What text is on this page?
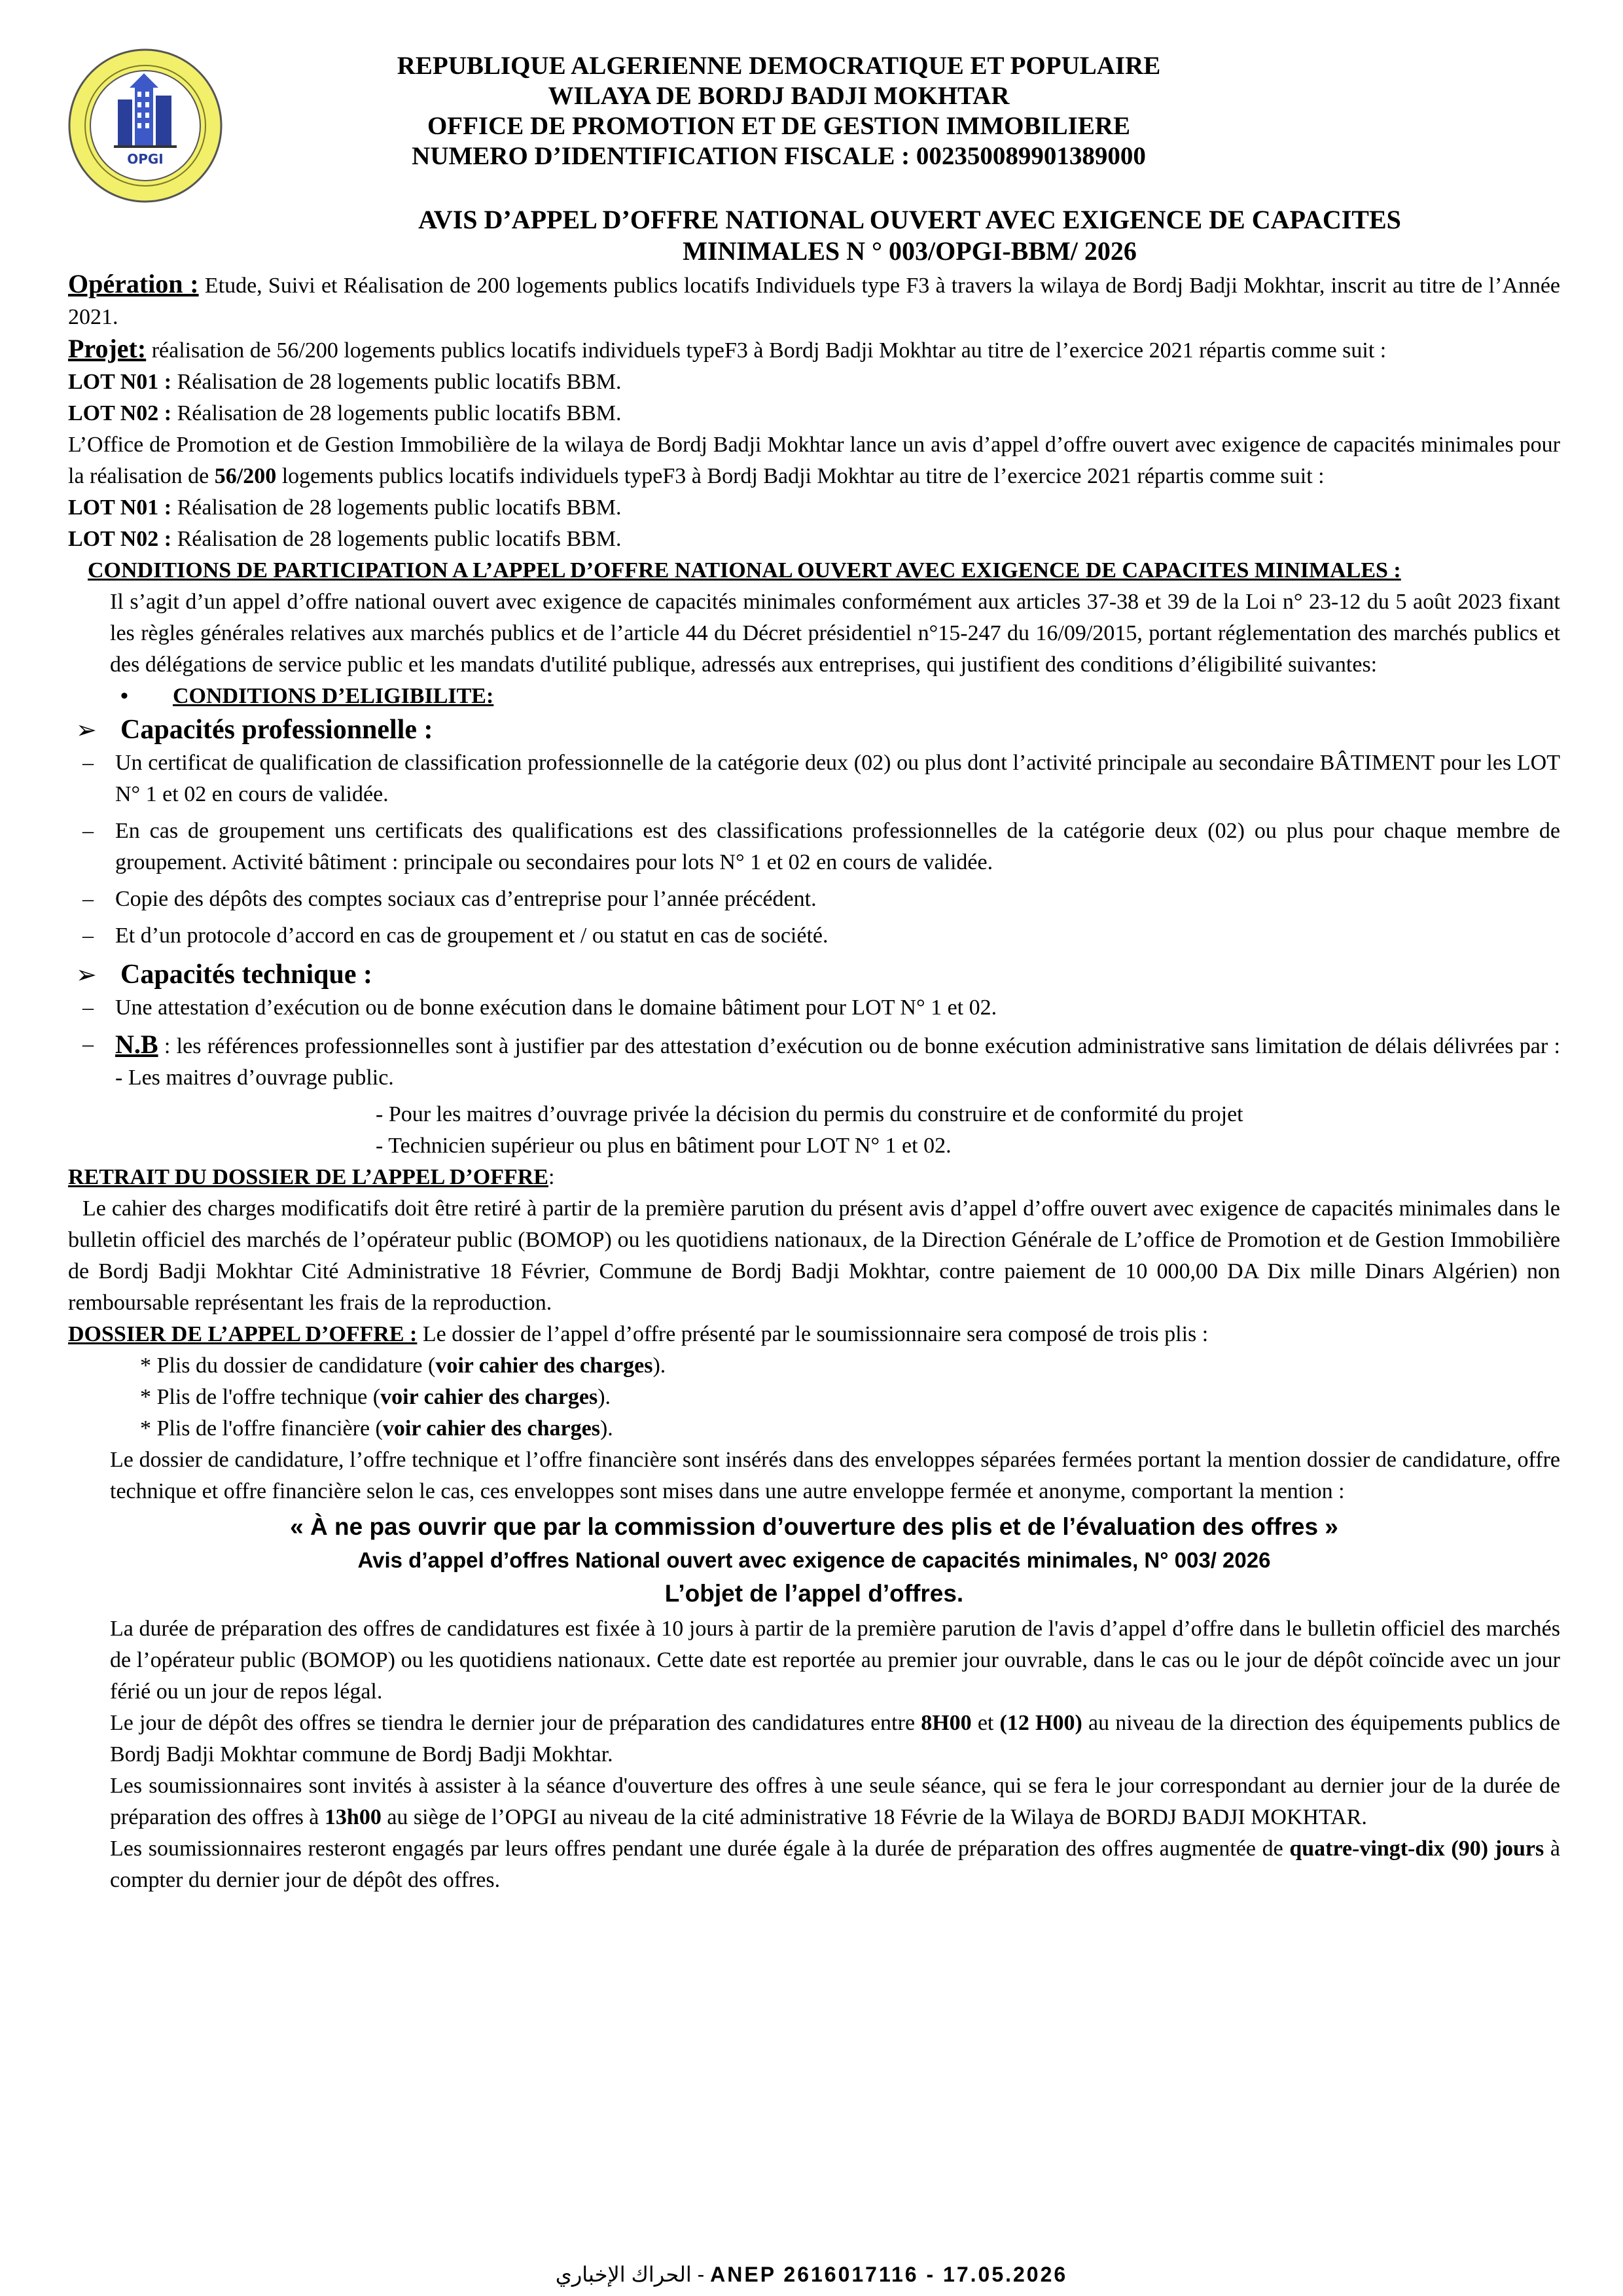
OPGI
REPUBLIQUE ALGERIENNE DEMOCRATIQUE ET POPULAIRE
WILAYA DE BORDJ BADJI MOKHTAR
OFFICE DE PROMOTION ET DE GESTION IMMOBILIERE
NUMERO D’IDENTIFICATION FISCALE : 002350089901389000
AVIS D’APPEL D’OFFRE NATIONAL OUVERT AVEC EXIGENCE DE CAPACITES
MINIMALES N ° 003/OPGI-BBM/ 2026

Opération : Etude, Suivi et Réalisation de 200 logements publics locatifs Individuels type F3 à travers la wilaya de Bordj Badji Mokhtar, inscrit au titre de l’Année 2021.

Projet: réalisation de 56/200 logements publics locatifs individuels typeF3 à Bordj Badji Mokhtar au titre de l’exercice 2021 répartis comme suit :

LOT N01 : Réalisation de 28 logements public locatifs BBM.

LOT N02 : Réalisation de 28 logements public locatifs BBM.

L’Office de Promotion et de Gestion Immobilière de la wilaya de Bordj Badji Mokhtar lance un avis d’appel d’offre ouvert avec exigence de capacités minimales pour la réalisation de 56/200 logements publics locatifs individuels typeF3 à Bordj Badji Mokhtar au titre de l’exercice 2021 répartis comme suit :

LOT N01 : Réalisation de 28 logements public locatifs BBM.

LOT N02 : Réalisation de 28 logements public locatifs BBM.

CONDITIONS DE PARTICIPATION A L’APPEL D’OFFRE NATIONAL OUVERT AVEC EXIGENCE DE CAPACITES MINIMALES :

Il s’agit d’un appel d’offre national ouvert avec exigence de capacités minimales conformément aux articles 37-38 et 39 de la Loi n° 23-12 du 5 août 2023 fixant les règles générales relatives aux marchés publics et de l’article 44 du Décret présidentiel n°15-247 du 16/09/2015, portant réglementation des marchés publics et des délégations de service public et les mandats d'utilité publique, adressés aux entreprises, qui justifient des conditions d’éligibilité suivantes:

• CONDITIONS D’ELIGIBILITE:

➢ Capacités professionnelle :

– Un certificat de qualification de classification professionnelle de la catégorie deux (02) ou plus dont l’activité principale au secondaire BÂTIMENT pour les LOT N° 1 et 02 en cours de validée.

– En cas de groupement uns certificats des qualifications est des classifications professionnelles de la catégorie deux (02) ou plus pour chaque membre de groupement. Activité bâtiment : principale ou secondaires pour lots N° 1 et 02 en cours de validée.

– Copie des dépôts des comptes sociaux cas d’entreprise pour l’année précédent.

– Et d’un protocole d’accord en cas de groupement et / ou statut en cas de société.

➢ Capacités technique :

– Une attestation d’exécution ou de bonne exécution dans le domaine bâtiment pour LOT N° 1 et 02.

– N.B : les références professionnelles sont à justifier par des attestation d’exécution ou de bonne exécution administrative sans limitation de délais délivrées par : - Les maitres d’ouvrage public.

- Pour les maitres d’ouvrage privée la décision du permis du construire et de conformité du projet

- Technicien supérieur ou plus en bâtiment pour LOT N° 1 et 02.

RETRAIT DU DOSSIER DE L’APPEL D’OFFRE:

Le cahier des charges modificatifs doit être retiré à partir de la première parution du présent avis d’appel d’offre ouvert avec exigence de capacités minimales dans le bulletin officiel des marchés de l’opérateur public (BOMOP) ou les quotidiens nationaux, de la Direction Générale de L’office de Promotion et de Gestion Immobilière de Bordj Badji Mokhtar Cité Administrative 18 Février, Commune de Bordj Badji Mokhtar, contre paiement de 10 000,00 DA Dix mille Dinars Algérien) non remboursable représentant les frais de la reproduction.

DOSSIER DE L’APPEL D’OFFRE : Le dossier de l’appel d’offre présenté par le soumissionnaire sera composé de trois plis :

* Plis du dossier de candidature (voir cahier des charges).

* Plis de l'offre technique (voir cahier des charges).

* Plis de l'offre financière (voir cahier des charges).

Le dossier de candidature, l’offre technique et l’offre financière sont insérés dans des enveloppes séparées fermées portant la mention dossier de candidature, offre technique et offre financière selon le cas, ces enveloppes sont mises dans une autre enveloppe fermée et anonyme, comportant la mention :

« À ne pas ouvrir que par la commission d’ouverture des plis et de l’évaluation des offres »

Avis d’appel d’offres National ouvert avec exigence de capacités minimales, N° 003/ 2026

L’objet de l’appel d’offres.

La durée de préparation des offres de candidatures est fixée à 10 jours à partir de la première parution de l'avis d’appel d’offre dans le bulletin officiel des marchés de l’opérateur public (BOMOP) ou les quotidiens nationaux. Cette date est reportée au premier jour ouvrable, dans le cas ou le jour de dépôt coïncide avec un jour férié ou un jour de repos légal.

Le jour de dépôt des offres se tiendra le dernier jour de préparation des candidatures entre 8H00 et (12 H00) au niveau de la direction des équipements publics de Bordj Badji Mokhtar commune de Bordj Badji Mokhtar.

Les soumissionnaires sont invités à assister à la séance d'ouverture des offres à une seule séance, qui se fera le jour correspondant au dernier jour de la durée de préparation des offres à 13h00 au siège de l’OPGI au niveau de la cité administrative 18 Févrie de la Wilaya de BORDJ BADJI MOKHTAR.

Les soumissionnaires resteront engagés par leurs offres pendant une durée égale à la durée de préparation des offres augmentée de quatre-vingt-dix (90) jours à compter du dernier jour de dépôt des offres.

الحراك الإخباري - ANEP 2616017116 - 17.05.2026
